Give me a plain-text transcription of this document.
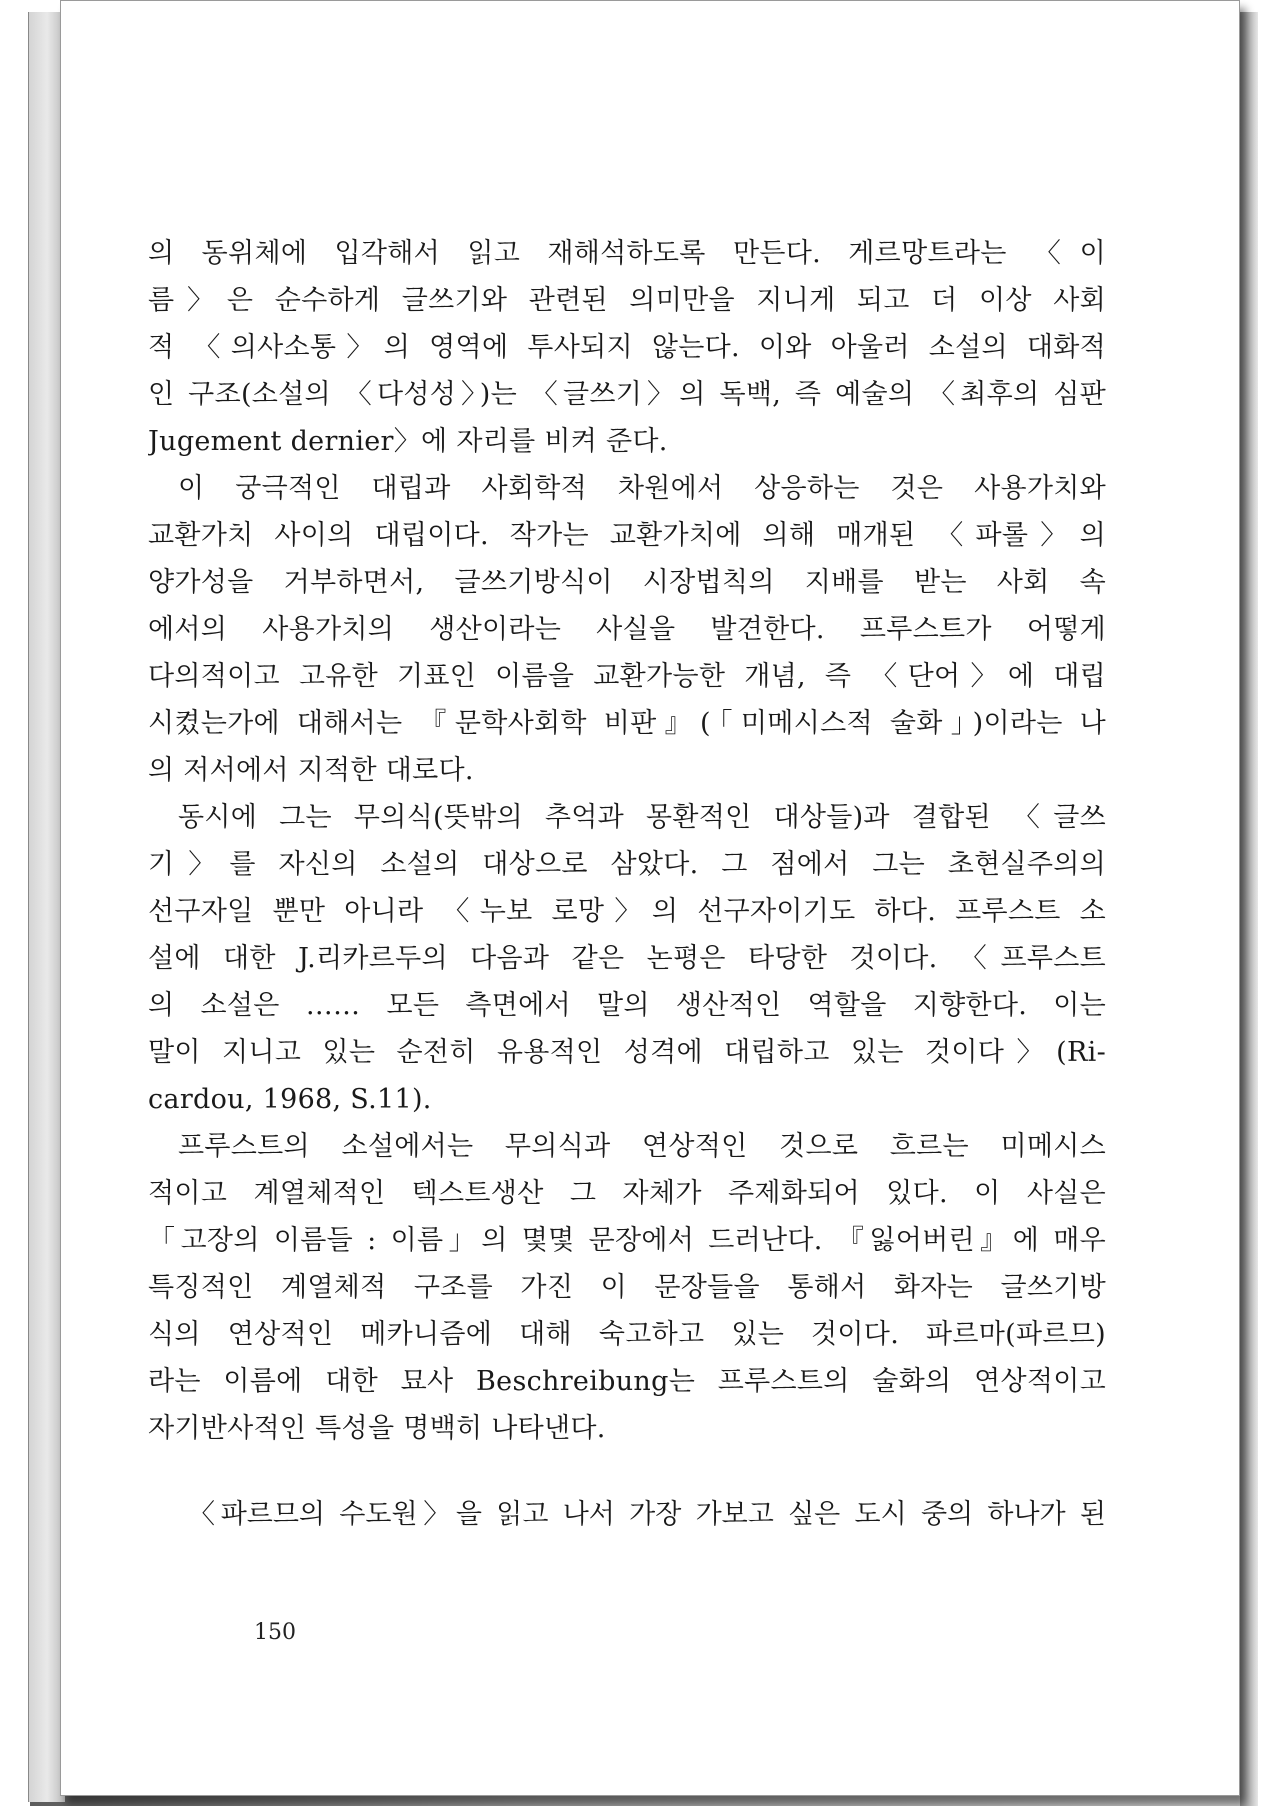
의 동위체에 입각해서 읽고 재해석하도록 만든다. 게르망트라는 〈이

름〉은 순수하게 글쓰기와 관련된 의미만을 지니게 되고 더 이상 사회

적 〈의사소통〉의 영역에 투사되지 않는다. 이와 아울러 소설의 대화적

인 구조(소설의 〈다성성〉)는 〈글쓰기〉의 독백, 즉 예술의 〈최후의 심판

Jugement dernier〉에 자리를 비켜 준다.

이 궁극적인 대립과 사회학적 차원에서 상응하는 것은 사용가치와

교환가치 사이의 대립이다. 작가는 교환가치에 의해 매개된 〈파롤〉의

양가성을 거부하면서, 글쓰기방식이 시장법칙의 지배를 받는 사회 속

에서의 사용가치의 생산이라는 사실을 발견한다. 프루스트가 어떻게

다의적이고 고유한 기표인 이름을 교환가능한 개념, 즉 〈단어〉에 대립

시켰는가에 대해서는 『문학사회학 비판』(「미메시스적 술화」)이라는 나

의 저서에서 지적한 대로다.

동시에 그는 무의식(뜻밖의 추억과 몽환적인 대상들)과 결합된 〈글쓰

기〉를 자신의 소설의 대상으로 삼았다. 그 점에서 그는 초현실주의의

선구자일 뿐만 아니라 〈누보 로망〉의 선구자이기도 하다. 프루스트 소

설에 대한 J.리카르두의 다음과 같은 논평은 타당한 것이다. 〈프루스트

의 소설은 …… 모든 측면에서 말의 생산적인 역할을 지향한다. 이는

말이 지니고 있는 순전히 유용적인 성격에 대립하고 있는 것이다〉(Ri-

cardou, 1968, S.11).

프루스트의 소설에서는 무의식과 연상적인 것으로 흐르는 미메시스

적이고 계열체적인 텍스트생산 그 자체가 주제화되어 있다. 이 사실은

「고장의 이름들 : 이름」의 몇몇 문장에서 드러난다. 『잃어버린』에 매우

특징적인 계열체적 구조를 가진 이 문장들을 통해서 화자는 글쓰기방

식의 연상적인 메카니즘에 대해 숙고하고 있는 것이다. 파르마(파르므)

라는 이름에 대한 묘사 Beschreibung는 프루스트의 술화의 연상적이고

자기반사적인 특성을 명백히 나타낸다.

〈파르므의 수도원〉을 읽고 나서 가장 가보고 싶은 도시 중의 하나가 된
150
